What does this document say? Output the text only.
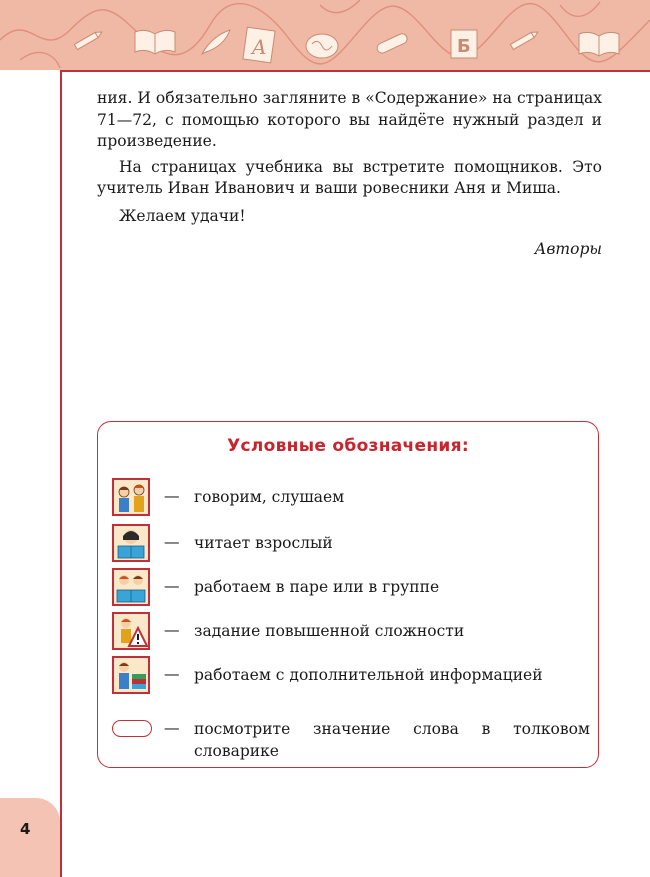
A	Б

ния. И обязательно загляните в «Содержание» на страницах 71—72, с помощью которого вы найдёте нужный раздел и произведение.

На страницах учебника вы встретите помощников. Это учитель Иван Иванович и ваши ровесники Аня и Миша.

Желаем удачи!

Авторы
Условные обозначения:
— говорим, слушаем
— читает взрослый
— работаем в паре или в группе
— задание повышенной сложности
— работаем с дополнительной информацией
— посмотрите значение слова в толковом словарике
4
